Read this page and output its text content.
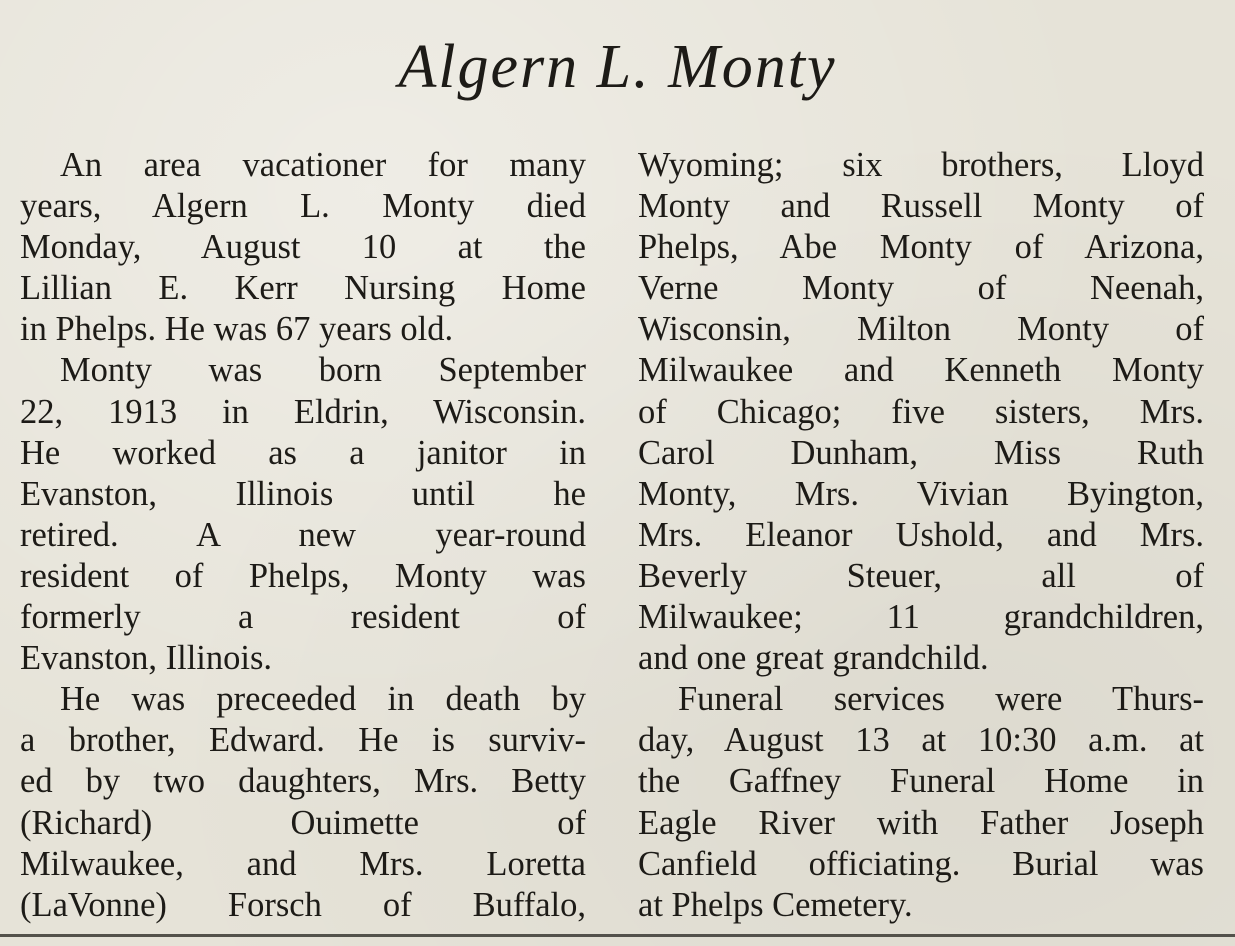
Algern L. Monty
An area vacationer for many
years, Algern L. Monty died
Monday, August 10 at the
Lillian E. Kerr Nursing Home
in Phelps. He was 67 years old.
Monty was born September
22, 1913 in Eldrin, Wisconsin.
He worked as a janitor in
Evanston, Illinois until he
retired. A new year-round
resident of Phelps, Monty was
formerly a resident of
Evanston, Illinois.
He was preceeded in death by
a brother, Edward. He is surviv-
ed by two daughters, Mrs. Betty
(Richard) Ouimette of
Milwaukee, and Mrs. Loretta
(LaVonne) Forsch of Buffalo,
Wyoming; six brothers, Lloyd
Monty and Russell Monty of
Phelps, Abe Monty of Arizona,
Verne Monty of Neenah,
Wisconsin, Milton Monty of
Milwaukee and Kenneth Monty
of Chicago; five sisters, Mrs.
Carol Dunham, Miss Ruth
Monty, Mrs. Vivian Byington,
Mrs. Eleanor Ushold, and Mrs.
Beverly Steuer, all of
Milwaukee; 11 grandchildren,
and one great grandchild.
Funeral services were Thurs-
day, August 13 at 10:30 a.m. at
the Gaffney Funeral Home in
Eagle River with Father Joseph
Canfield officiating. Burial was
at Phelps Cemetery.
